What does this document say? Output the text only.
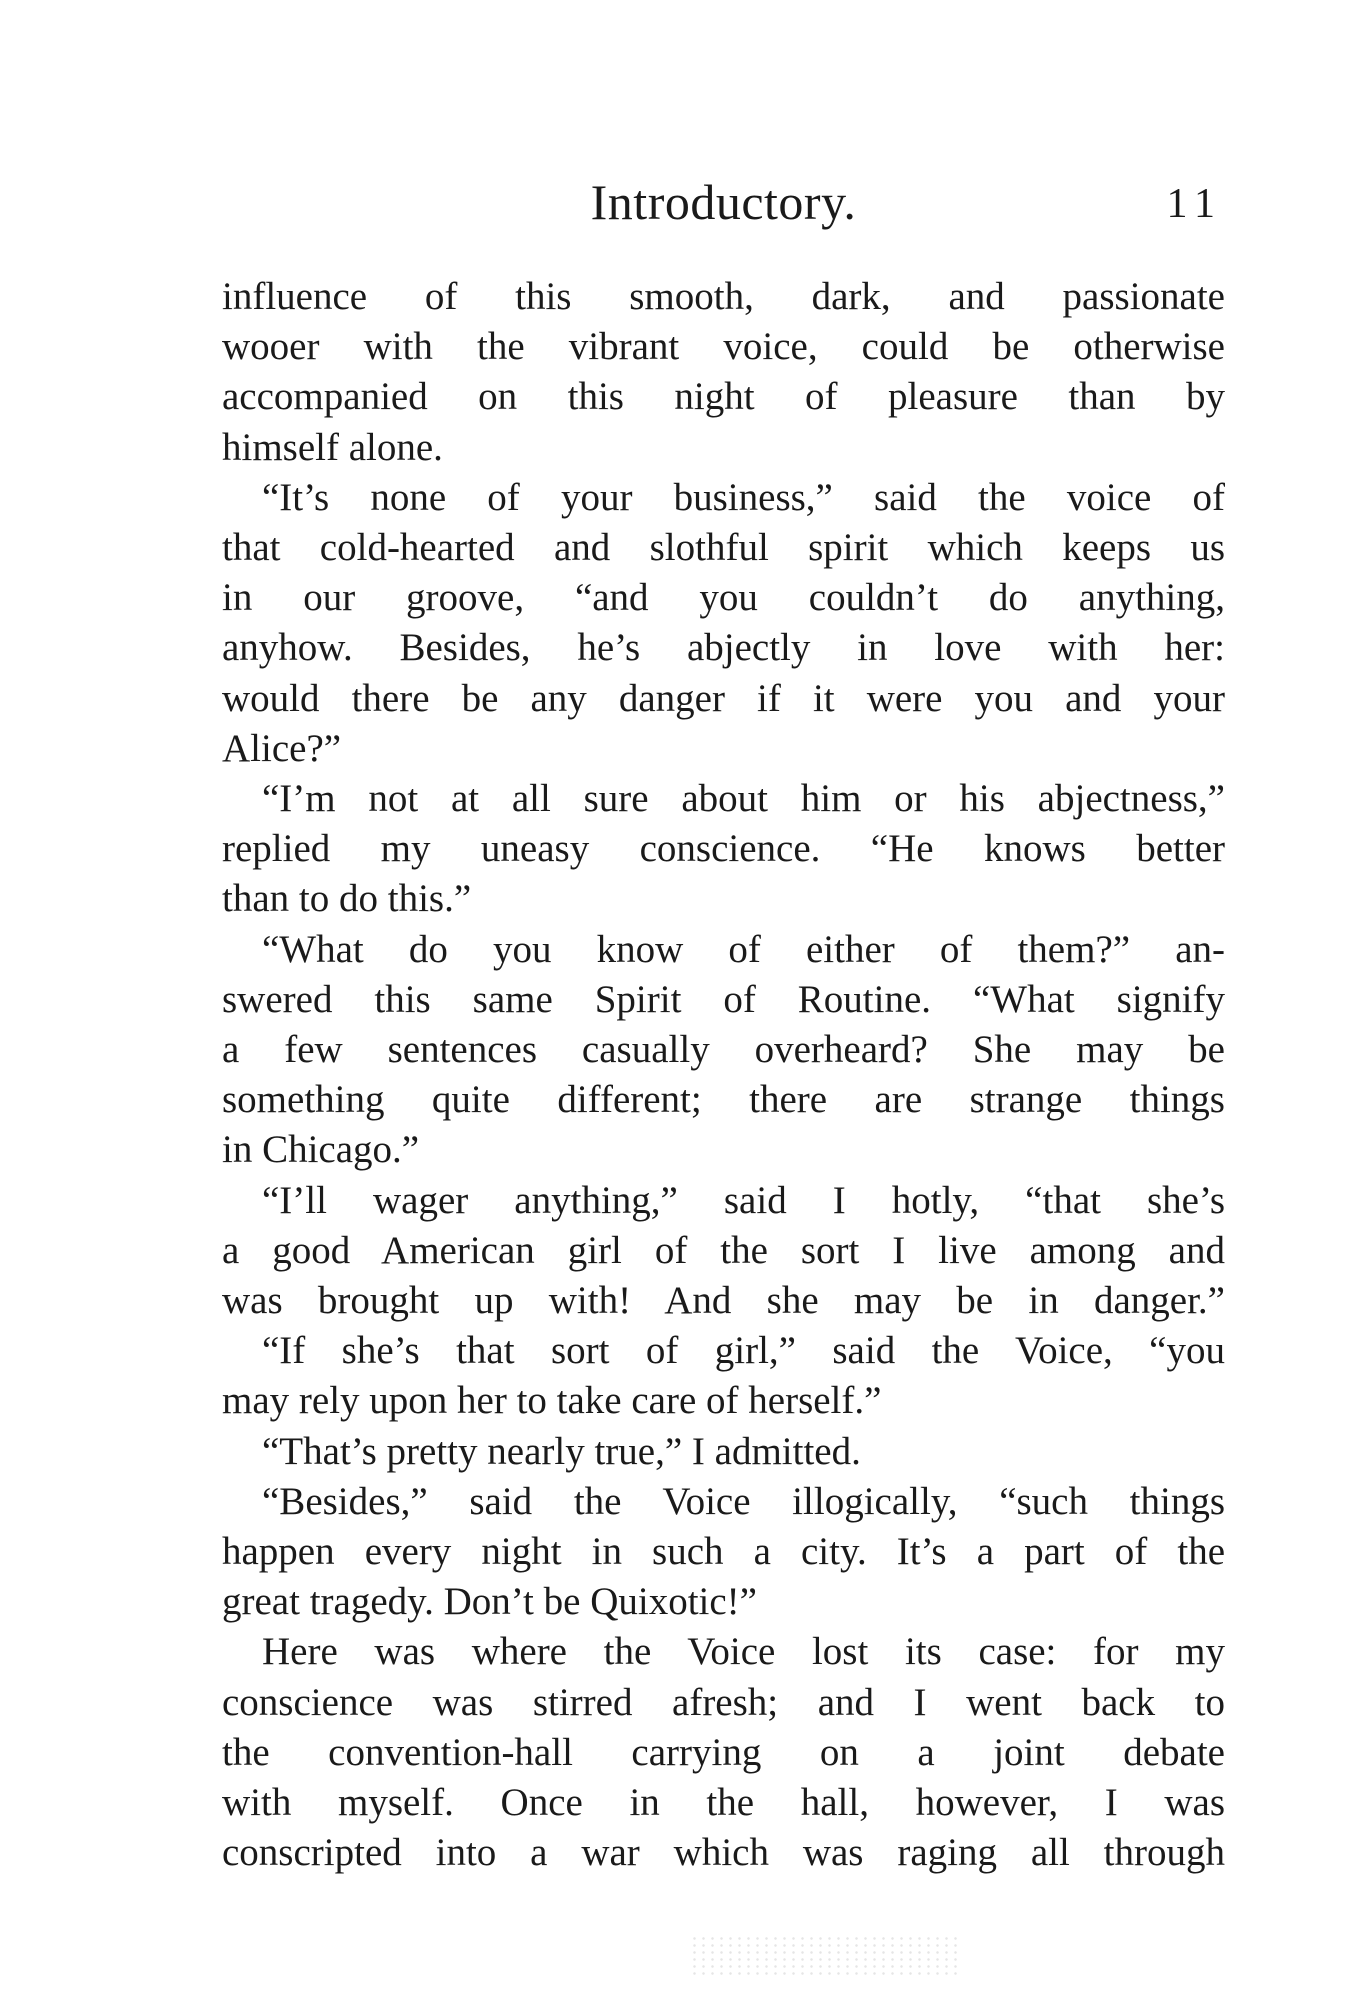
Introductory.	11
influence of this smooth, dark, and passionate
wooer with the vibrant voice, could be otherwise
accompanied on this night of pleasure than by
himself alone.
“It’s none of your business,” said the voice of
that cold-hearted and slothful spirit which keeps us
in our groove, “and you couldn’t do anything,
anyhow. Besides, he’s abjectly in love with her:
would there be any danger if it were you and your
Alice?”
“I’m not at all sure about him or his abjectness,”
replied my uneasy conscience. “He knows better
than to do this.”
“What do you know of either of them?” an-
swered this same Spirit of Routine. “What signify
a few sentences casually overheard? She may be
something quite different; there are strange things
in Chicago.”
“I’ll wager anything,” said I hotly, “that she’s
a good American girl of the sort I live among and
was brought up with! And she may be in danger.”
“If she’s that sort of girl,” said the Voice, “you
may rely upon her to take care of herself.”
“That’s pretty nearly true,” I admitted.
“Besides,” said the Voice illogically, “such things
happen every night in such a city. It’s a part of the
great tragedy. Don’t be Quixotic!”
Here was where the Voice lost its case: for my
conscience was stirred afresh; and I went back to
the convention-hall carrying on a joint debate
with myself. Once in the hall, however, I was
conscripted into a war which was raging all through
